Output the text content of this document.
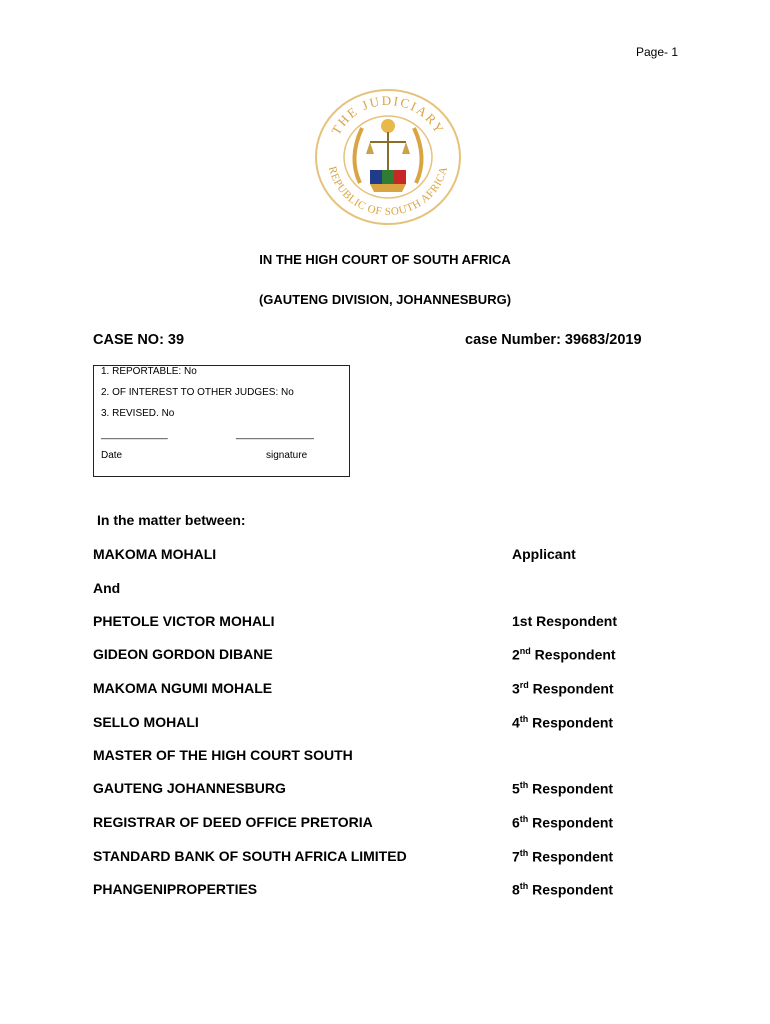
Page- 1
THE JUDICIARY
REPUBLIC OF SOUTH AFRICA
IN THE HIGH COURT OF SOUTH AFRICA
(GAUTENG DIVISION, JOHANNESBURG)
CASE NO: 39	case Number: 39683/2019
1. REPORTABLE: No
2. OF INTEREST TO OTHER JUDGES: No
3. REVISED. No
____________	______________
Date	signature
In the matter between:
MAKOMA MOHALI	Applicant
And
PHETOLE VICTOR MOHALI	1st Respondent
GIDEON GORDON DIBANE	2nd Respondent
MAKOMA NGUMI MOHALE	3rd Respondent
SELLO MOHALI	4th Respondent
MASTER OF THE HIGH COURT SOUTH
GAUTENG JOHANNESBURG	5th Respondent
REGISTRAR OF DEED OFFICE PRETORIA	6th Respondent
STANDARD BANK OF SOUTH AFRICA LIMITED	7th Respondent
PHANGENIPROPERTIES	8th Respondent
